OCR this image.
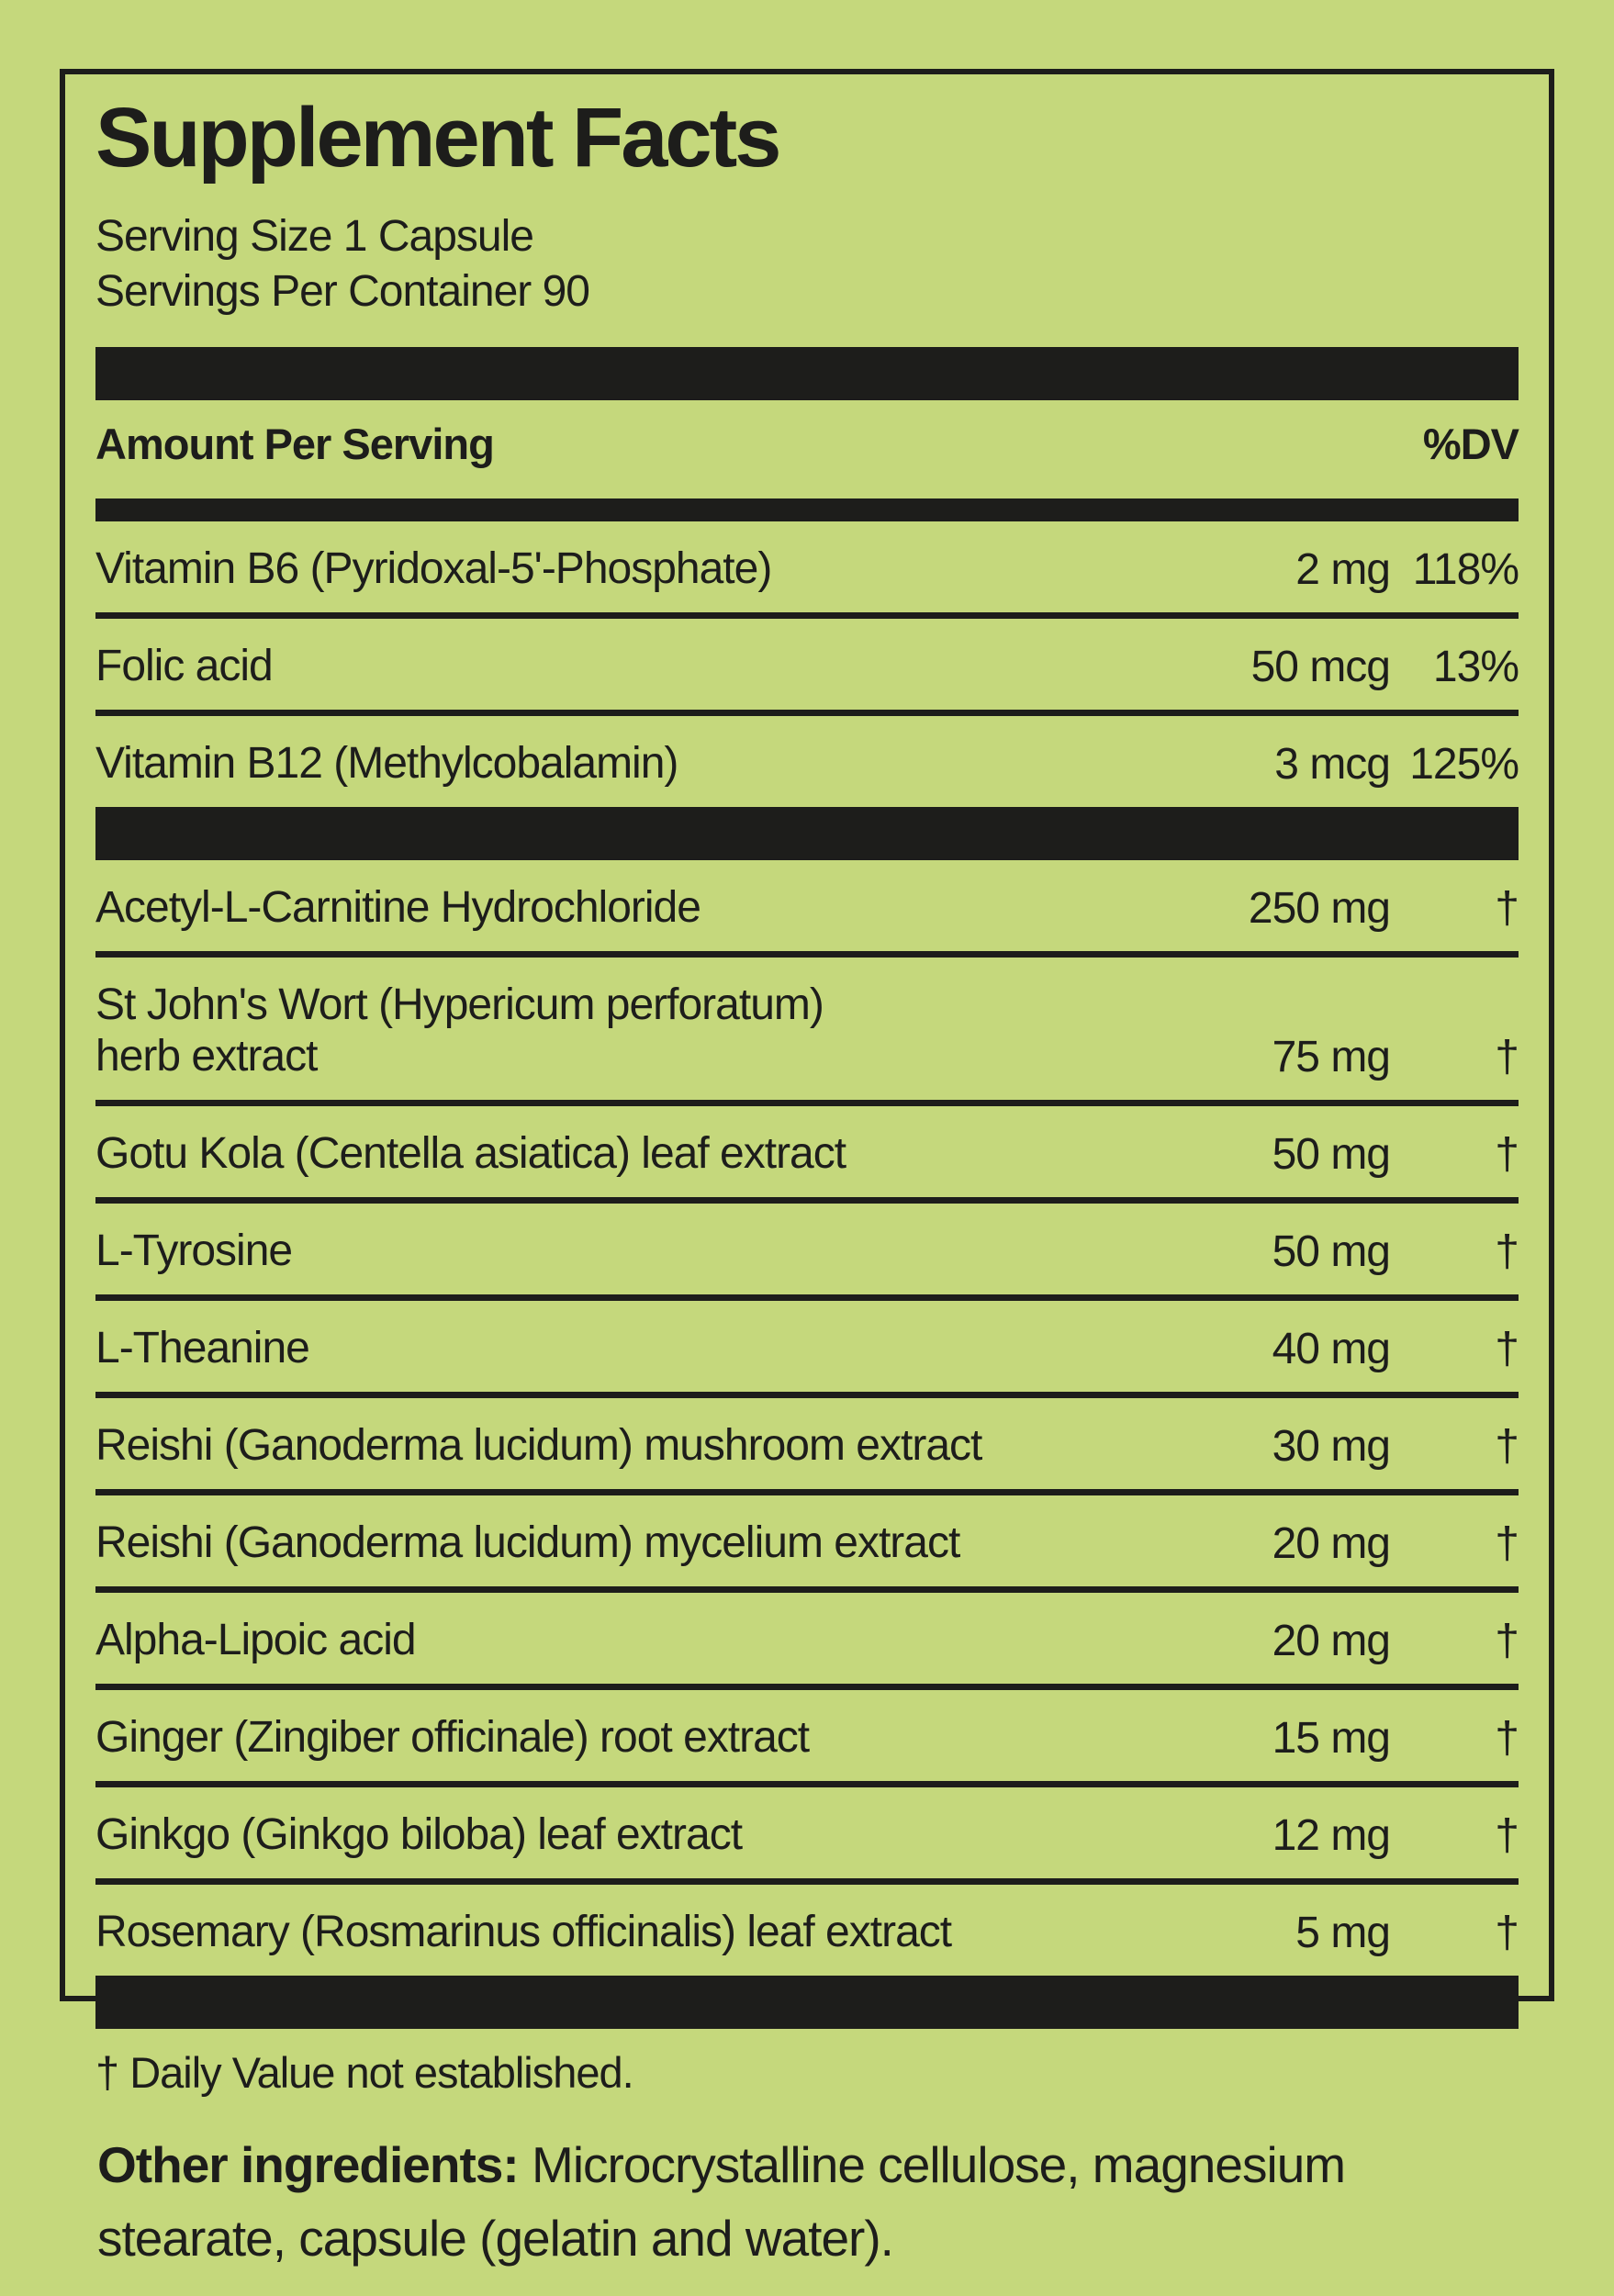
Supplement Facts
Serving Size 1 Capsule
Servings Per Container 90
Amount Per Serving	%DV
Vitamin B6 (Pyridoxal-5'-Phosphate)	2 mg 118%
Folic acid	50 mcg 13%
Vitamin B12 (Methylcobalamin)	3 mcg 125%
Acetyl-L-Carnitine Hydrochloride	250 mg	†
St John's Wort (Hypericum perforatum)
herb extract	75 mg	†
Gotu Kola (Centella asiatica) leaf extract	50 mg	†
L-Tyrosine	50 mg	†
L-Theanine	40 mg	†
Reishi (Ganoderma lucidum) mushroom extract	30 mg	†
Reishi (Ganoderma lucidum) mycelium extract	20 mg	†
Alpha-Lipoic acid	20 mg	†
Ginger (Zingiber officinale) root extract	15 mg	†
Ginkgo (Ginkgo biloba) leaf extract	12 mg	†
Rosemary (Rosmarinus officinalis) leaf extract	5 mg	†
† Daily Value not established.
Other ingredients: Microcrystalline cellulose, magnesium stearate, capsule (gelatin and water).
